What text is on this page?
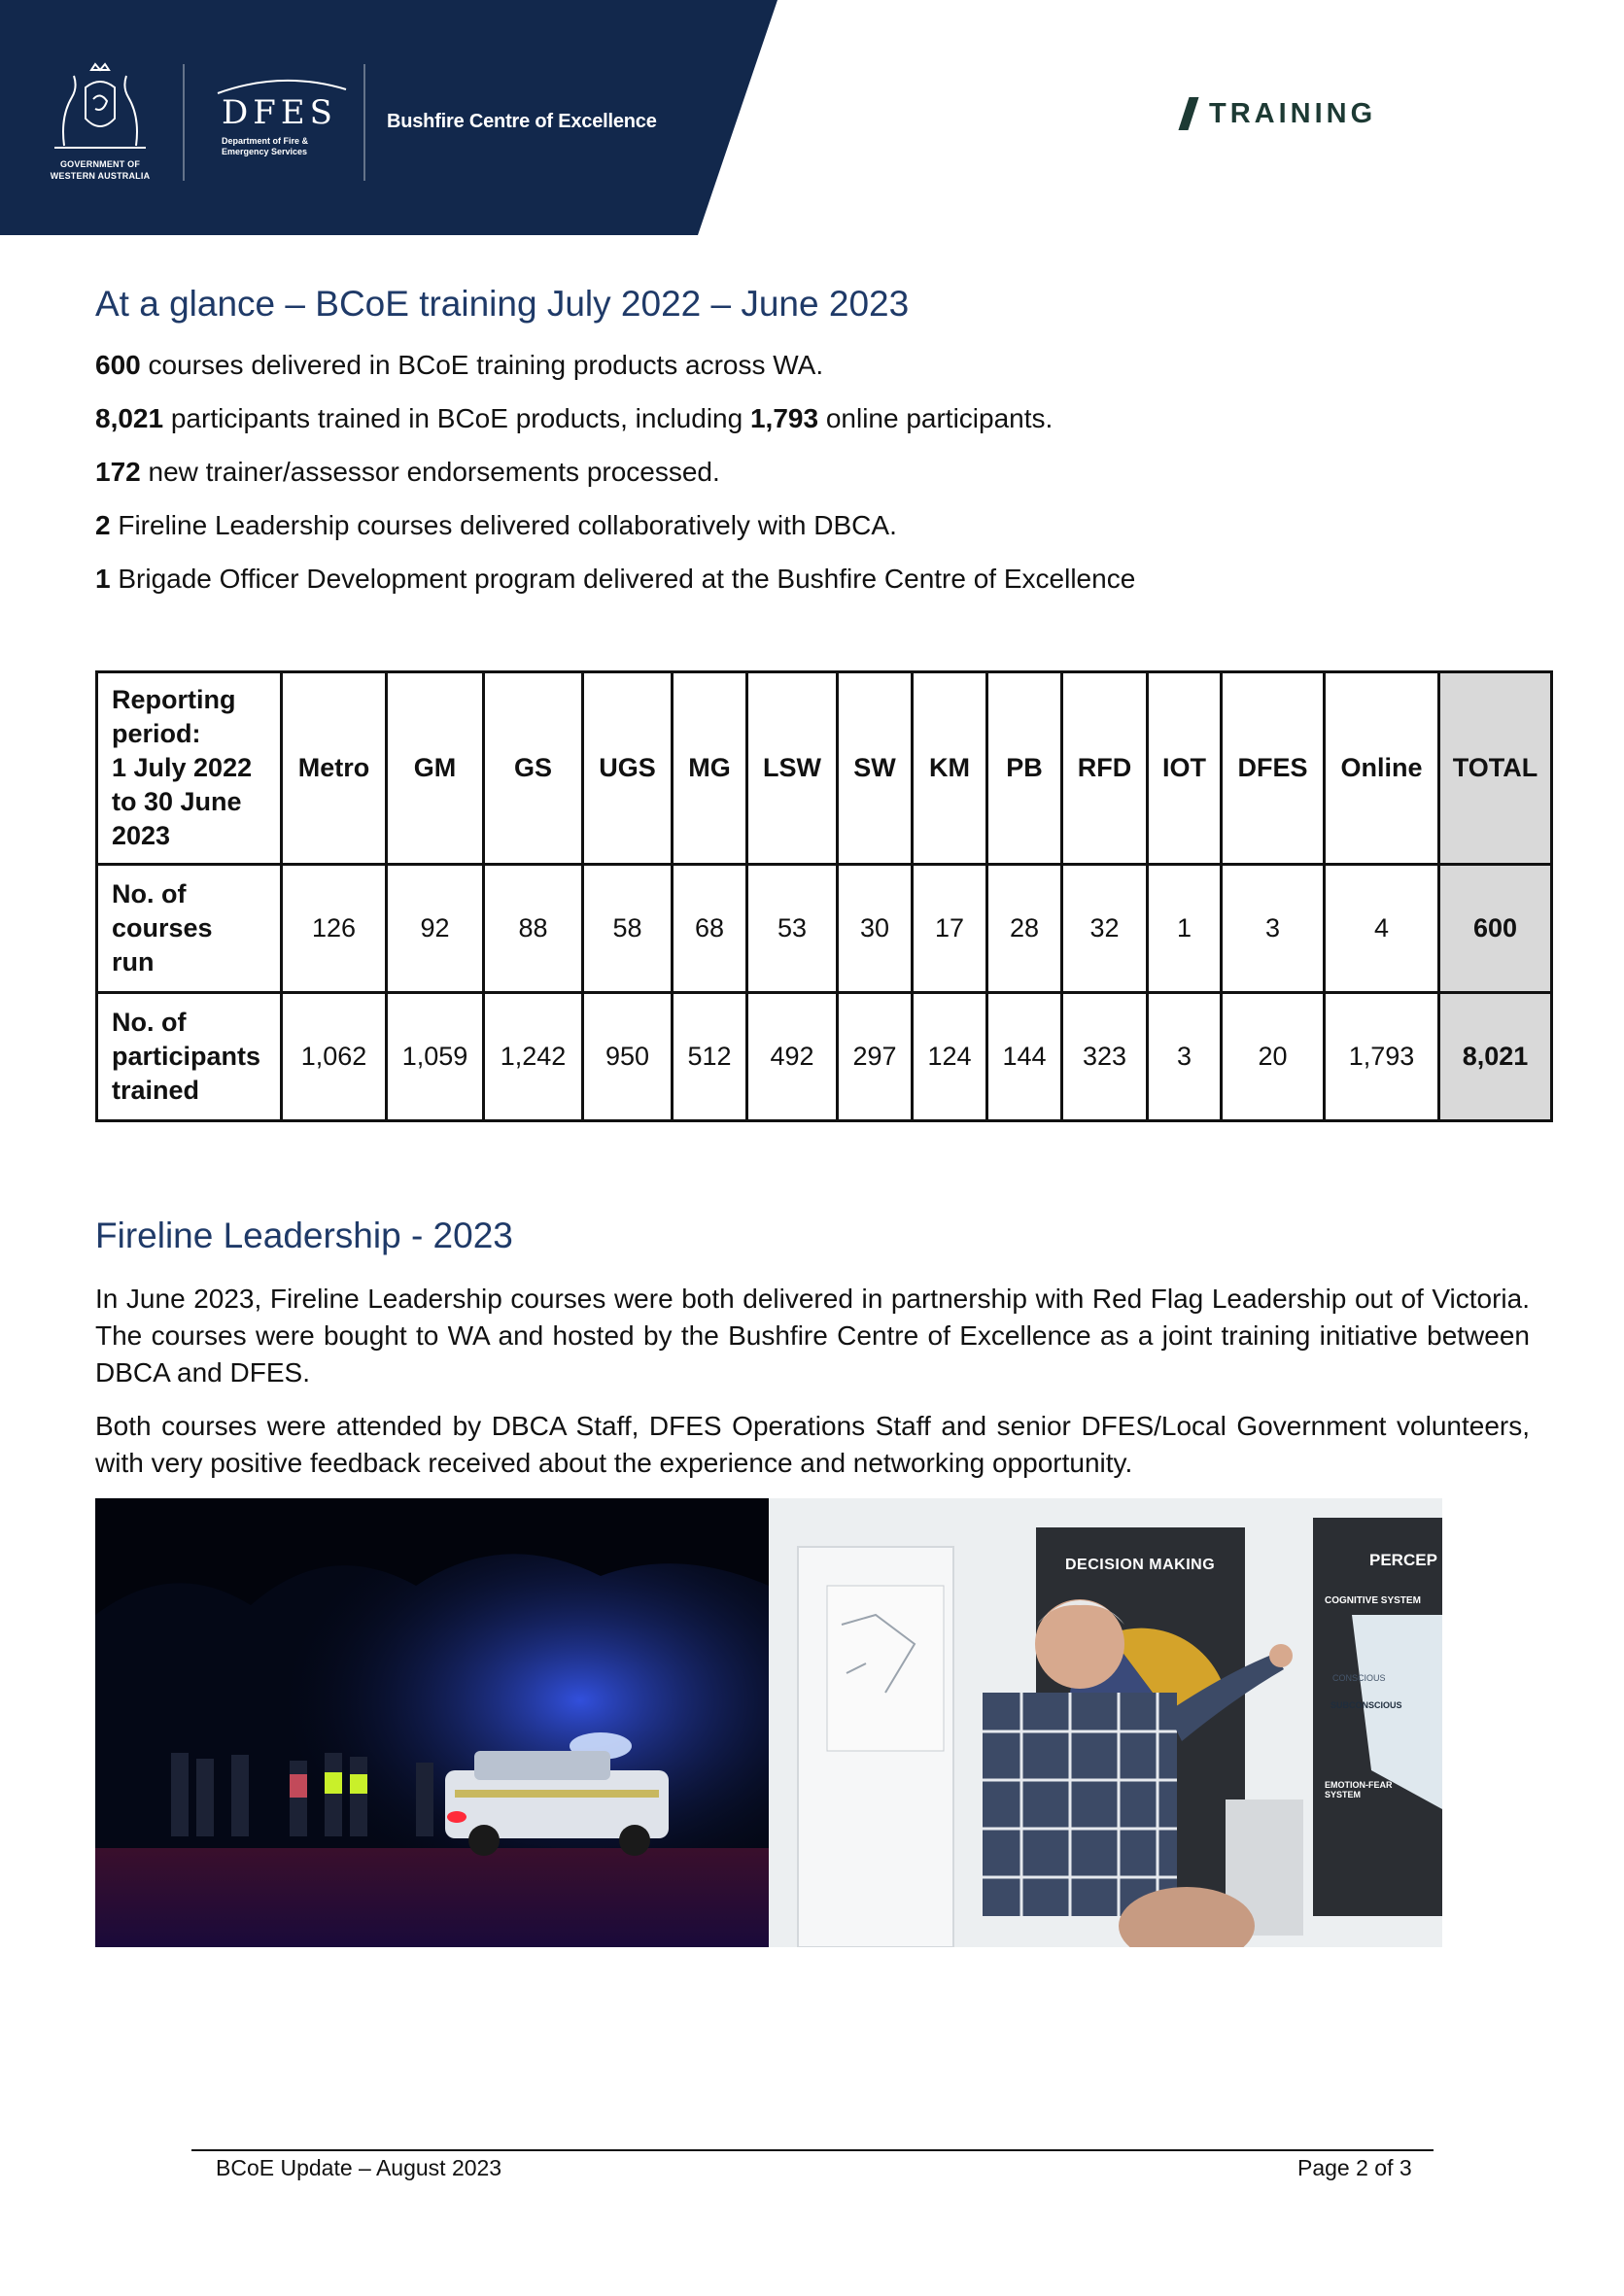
GOVERNMENT OF
WESTERN AUSTRALIA
DFES
Department of Fire &
Emergency Services
Bushfire Centre of Excellence	TRAINING
At a glance – BCoE training July 2022 – June 2023
600 courses delivered in BCoE training products across WA.
8,021 participants trained in BCoE products, including 1,793 online participants.
172 new trainer/assessor endorsements processed.
2 Fireline Leadership courses delivered collaboratively with DBCA.
1 Brigade Officer Development program delivered at the Bushfire Centre of Excellence
Reporting
period:
1 July 2022
to 30 June
2023	Metro	GM	GS	UGS	MG	LSW	SW	KM	PB	RFD	IOT	DFES	Online	TOTAL

No. of
courses
run	126	92	88	58	68	53	30	17	28	32	1	3	4	600

No. of
participants
trained	1,062	1,059	1,242	950	512	492	297	124	144	323	3	20	1,793	8,021
Fireline Leadership - 2023

In June 2023, Fireline Leadership courses were both delivered in partnership with Red Flag Leadership out of Victoria. The courses were bought to WA and hosted by the Bushfire Centre of Excellence as a joint training initiative between DBCA and DFES.

Both courses were attended by DBCA Staff, DFES Operations Staff and senior DFES/Local Government volunteers, with very positive feedback received about the experience and networking opportunity.

DECISION MAKING	PERCEP
COGNITIVE SYSTEM
CONSCIOUS
SUBCONSCIOUS
EMOTION-FEAR SYSTEM
BCoE Update – August 2023	Page 2 of 3
